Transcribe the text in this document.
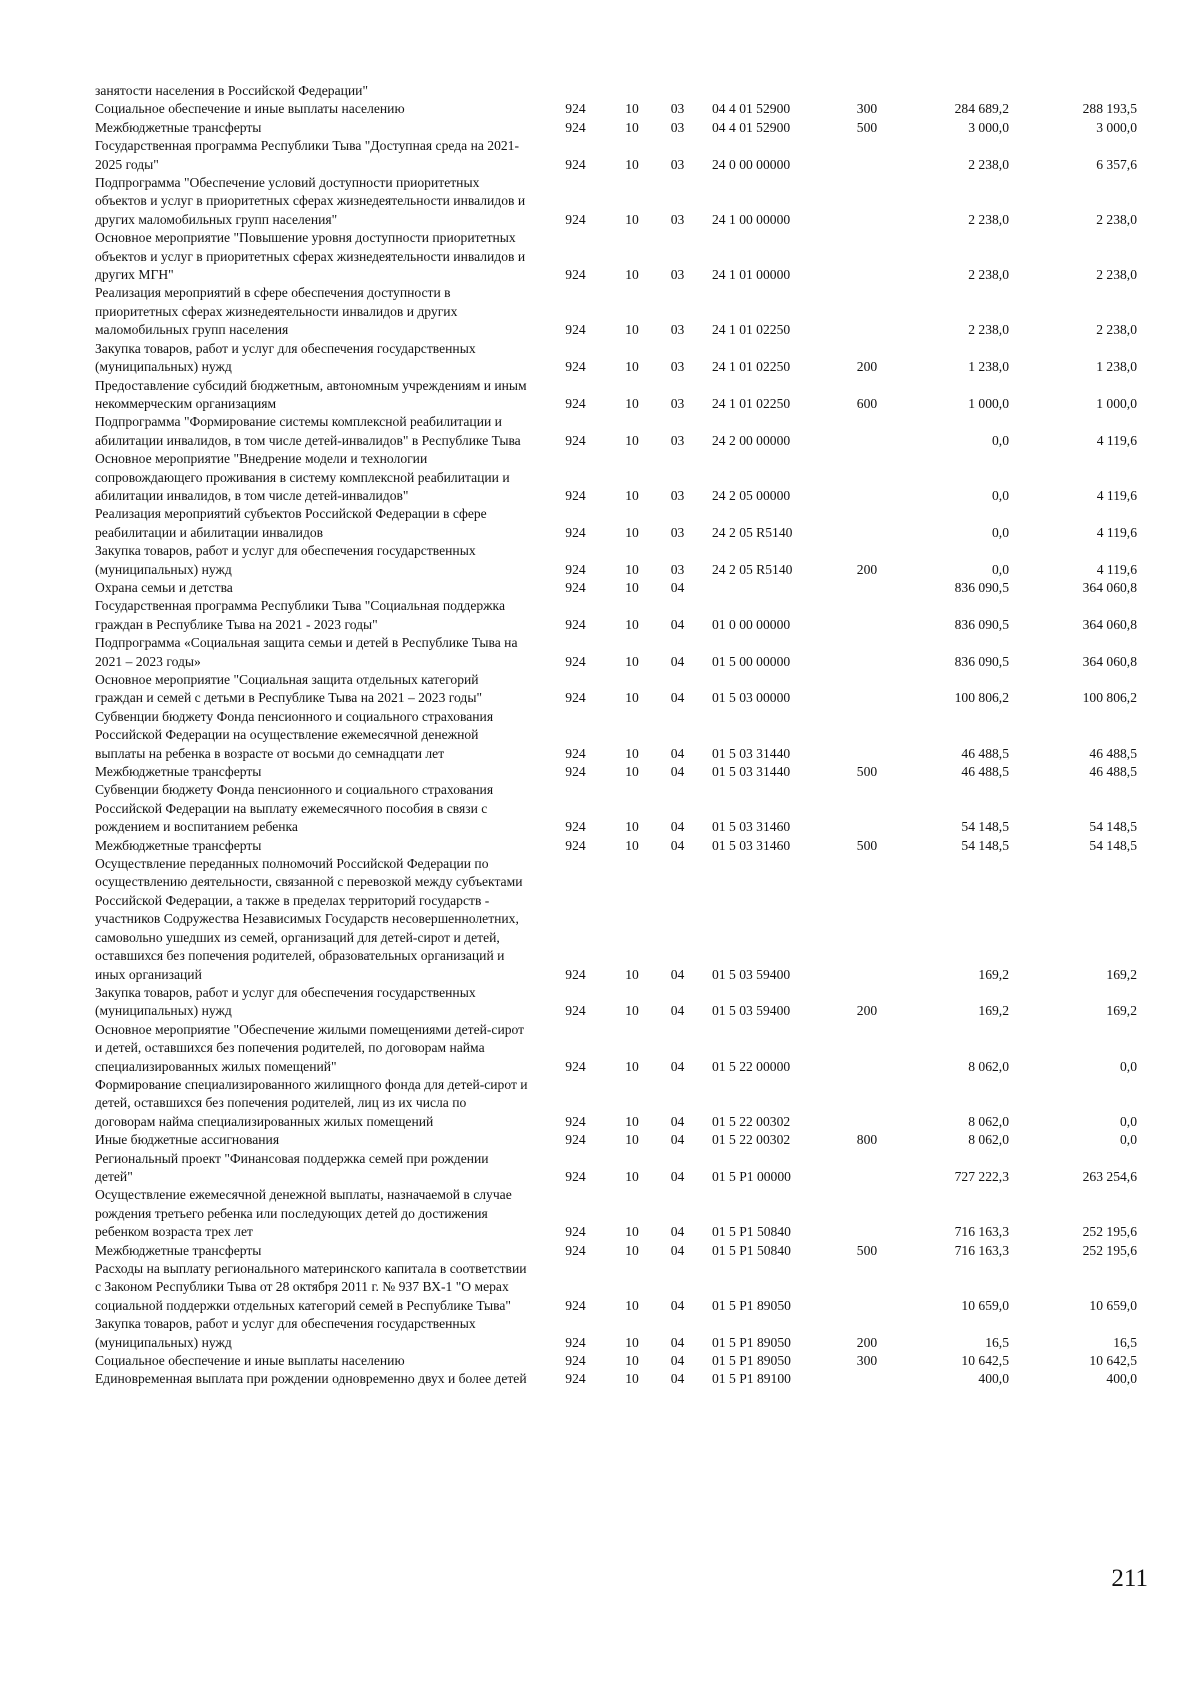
занятости населения в Российской Федерации"							
Социальное обеспечение и иные выплаты населению	924	10	03	04 4 01 52900	300	284 689,2	288 193,5
Межбюджетные трансферты	924	10	03	04 4 01 52900	500	3 000,0	3 000,0
Государственная программа Республики Тыва "Доступная среда на 2021-2025 годы"	924	10	03	24 0 00 00000		2 238,0	6 357,6
Подпрограмма "Обеспечение условий доступности приоритетных объектов и услуг в приоритетных сферах жизнедеятельности инвалидов и других маломобильных групп населения"	924	10	03	24 1 00 00000		2 238,0	2 238,0
Основное мероприятие "Повышение уровня доступности приоритетных объектов и услуг в приоритетных сферах жизнедеятельности инвалидов и других МГН"	924	10	03	24 1 01 00000		2 238,0	2 238,0
Реализация мероприятий в сфере обеспечения доступности в приоритетных сферах жизнедеятельности инвалидов и других маломобильных групп населения	924	10	03	24 1 01 02250		2 238,0	2 238,0
Закупка товаров, работ и услуг для обеспечения государственных (муниципальных) нужд	924	10	03	24 1 01 02250	200	1 238,0	1 238,0
Предоставление субсидий бюджетным, автономным учреждениям и иным некоммерческим организациям	924	10	03	24 1 01 02250	600	1 000,0	1 000,0
Подпрограмма "Формирование системы комплексной реабилитации и абилитации инвалидов, в том числе детей-инвалидов" в Республике Тыва	924	10	03	24 2 00 00000		0,0	4 119,6
Основное мероприятие "Внедрение модели и технологии сопровождающего проживания в систему комплексной реабилитации и абилитации инвалидов, в том числе детей-инвалидов"	924	10	03	24 2 05 00000		0,0	4 119,6
Реализация мероприятий субъектов Российской Федерации в сфере реабилитации и абилитации инвалидов	924	10	03	24 2 05 R5140		0,0	4 119,6
Закупка товаров, работ и услуг для обеспечения государственных (муниципальных) нужд	924	10	03	24 2 05 R5140	200	0,0	4 119,6
Охрана семьи и детства	924	10	04			836 090,5	364 060,8
Государственная программа Республики Тыва "Социальная поддержка граждан в Республике Тыва на 2021 - 2023 годы"	924	10	04	01 0 00 00000		836 090,5	364 060,8
Подпрограмма «Социальная защита семьи и детей в Республике Тыва на 2021 – 2023 годы»	924	10	04	01 5 00 00000		836 090,5	364 060,8
Основное мероприятие "Социальная защита отдельных категорий граждан и семей с детьми в Республике Тыва на 2021 – 2023 годы"	924	10	04	01 5 03 00000		100 806,2	100 806,2
Субвенции бюджету Фонда пенсионного и социального страхования Российской Федерации на осуществление ежемесячной денежной выплаты на ребенка в возрасте от восьми до семнадцати лет	924	10	04	01 5 03 31440		46 488,5	46 488,5
Межбюджетные трансферты	924	10	04	01 5 03 31440	500	46 488,5	46 488,5
Субвенции бюджету Фонда пенсионного и социального страхования Российской Федерации на выплату ежемесячного пособия в связи с рождением и воспитанием ребенка	924	10	04	01 5 03 31460		54 148,5	54 148,5
Межбюджетные трансферты	924	10	04	01 5 03 31460	500	54 148,5	54 148,5
Осуществление переданных полномочий Российской Федерации по осуществлению деятельности, связанной с перевозкой между субъектами Российской Федерации, а также в пределах территорий государств - участников Содружества Независимых Государств несовершеннолетних, самовольно ушедших из семей, организаций для детей-сирот и детей, оставшихся без попечения родителей, образовательных организаций и иных организаций	924	10	04	01 5 03 59400		169,2	169,2
Закупка товаров, работ и услуг для обеспечения государственных (муниципальных) нужд	924	10	04	01 5 03 59400	200	169,2	169,2
Основное мероприятие "Обеспечение жилыми помещениями детей-сирот и детей, оставшихся без попечения родителей, по договорам найма специализированных жилых помещений"	924	10	04	01 5 22 00000		8 062,0	0,0
Формирование специализированного жилищного фонда для детей-сирот и детей, оставшихся без попечения родителей, лиц из их числа по договорам найма специализированных жилых помещений	924	10	04	01 5 22 00302		8 062,0	0,0
Иные бюджетные ассигнования	924	10	04	01 5 22 00302	800	8 062,0	0,0
Региональный проект "Финансовая поддержка семей при рождении детей"	924	10	04	01 5 P1 00000		727 222,3	263 254,6
Осуществление ежемесячной денежной выплаты, назначаемой в случае рождения третьего ребенка или последующих детей до достижения ребенком возраста трех лет	924	10	04	01 5 P1 50840		716 163,3	252 195,6
Межбюджетные трансферты	924	10	04	01 5 P1 50840	500	716 163,3	252 195,6
Расходы на выплату регионального материнского капитала в соответствии с Законом Республики Тыва от 28 октября 2011 г. № 937 ВХ-1 "О мерах социальной поддержки отдельных категорий семей в Республике Тыва"	924	10	04	01 5 P1 89050		10 659,0	10 659,0
Закупка товаров, работ и услуг для обеспечения государственных (муниципальных) нужд	924	10	04	01 5 P1 89050	200	16,5	16,5
Социальное обеспечение и иные выплаты населению	924	10	04	01 5 P1 89050	300	10 642,5	10 642,5
Единовременная выплата при рождении одновременно двух и более детей	924	10	04	01 5 P1 89100		400,0	400,0
211
